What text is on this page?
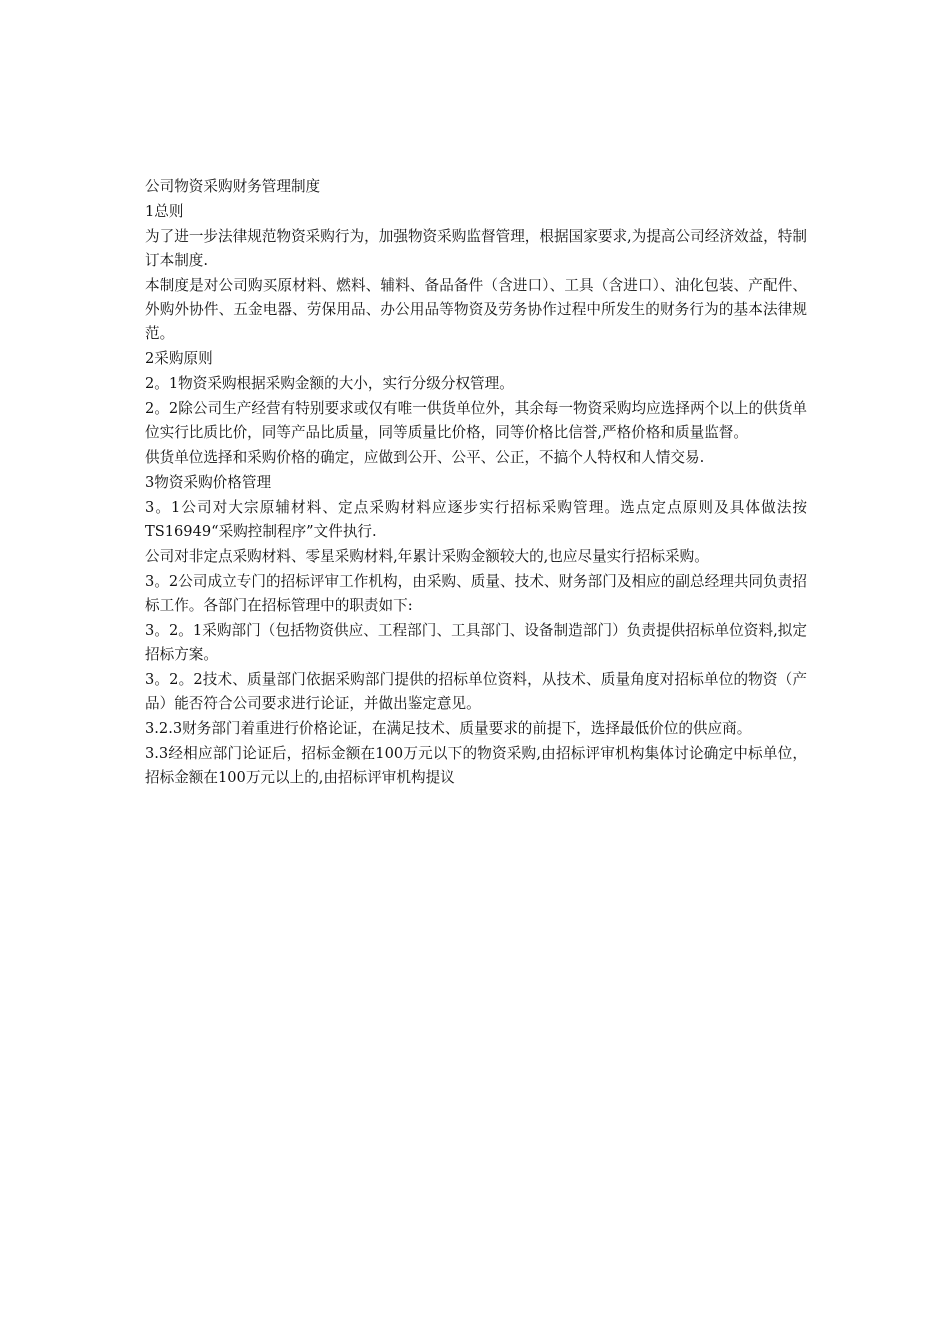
公司物资采购财务管理制度

1总则

为了进一步法律规范物资采购行为，加强物资采购监督管理，根据国家要求,为提高公司经济效益，特制订本制度.

本制度是对公司购买原材料、燃料、辅料、备品备件（含进口）、工具（含进口）、油化包装、产配件、外购外协件、五金电器、劳保用品、办公用品等物资及劳务协作过程中所发生的财务行为的基本法律规范。

2采购原则

2。1物资采购根据采购金额的大小，实行分级分权管理。

2。2除公司生产经营有特别要求或仅有唯一供货单位外，其余每一物资采购均应选择两个以上的供货单位实行比质比价，同等产品比质量，同等质量比价格，同等价格比信誉,严格价格和质量监督。

供货单位选择和采购价格的确定，应做到公开、公平、公正，不搞个人特权和人情交易.

3物资采购价格管理

3。1公司对大宗原辅材料、定点采购材料应逐步实行招标采购管理。选点定点原则及具体做法按TS16949“采购控制程序”文件执行.

公司对非定点采购材料、零星采购材料,年累计采购金额较大的,也应尽量实行招标采购。

3。2公司成立专门的招标评审工作机构，由采购、质量、技术、财务部门及相应的副总经理共同负责招标工作。各部门在招标管理中的职责如下:

3。2。1采购部门（包括物资供应、工程部门、工具部门、设备制造部门）负责提供招标单位资料,拟定招标方案。

3。2。2技术、质量部门依据采购部门提供的招标单位资料，从技术、质量角度对招标单位的物资（产品）能否符合公司要求进行论证，并做出鉴定意见。

3.2.3财务部门着重进行价格论证，在满足技术、质量要求的前提下，选择最低价位的供应商。

3.3经相应部门论证后，招标金额在100万元以下的物资采购,由招标评审机构集体讨论确定中标单位，招标金额在100万元以上的,由招标评审机构提议
